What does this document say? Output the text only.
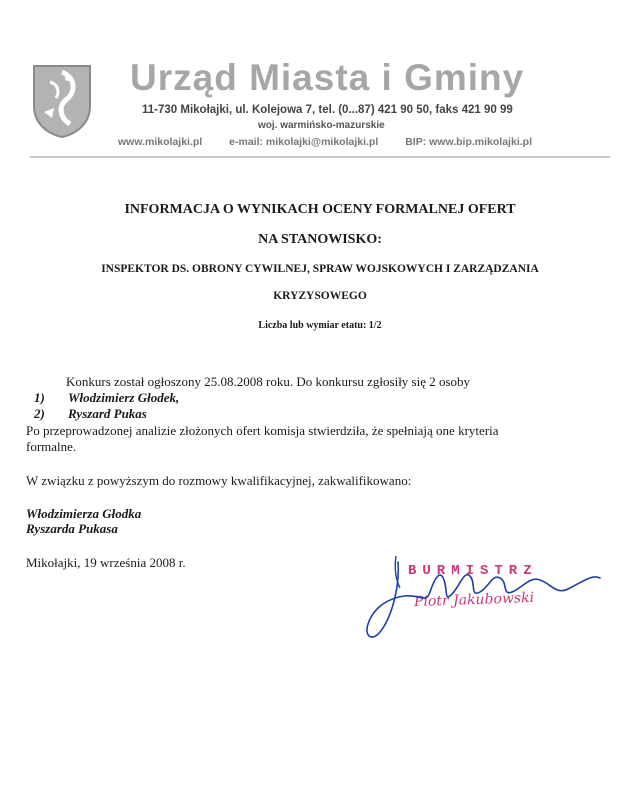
Urząd Miasta i Gminy
11-730 Mikołajki, ul. Kolejowa 7, tel. (0...87) 421 90 50, faks 421 90 99
woj. warmińsko-mazurskie
www.mikolajki.pl	e-mail: mikolajki@mikolajki.pl	BIP: www.bip.mikolajki.pl
INFORMACJA O WYNIKACH OCENY FORMALNEJ OFERT
NA STANOWISKO:
INSPEKTOR DS. OBRONY CYWILNEJ, SPRAW WOJSKOWYCH I ZARZĄDZANIA
KRYZYSOWEGO
Liczba lub wymiar etatu: 1/2
Konkurs został ogłoszony 25.08.2008 roku. Do konkursu zgłosiły się 2 osoby
1) Włodzimierz Głodek,
2) Ryszard Pukas
Po przeprowadzonej analizie złożonych ofert komisja stwierdziła, że spełniają one kryteria
formalne.
W związku z powyższym do rozmowy kwalifikacyjnej, zakwalifikowano:
Włodzimierza Głodka
Ryszarda Pukasa
Mikołajki, 19 września 2008 r.
BURMISTRZ
Piotr Jakubowski
